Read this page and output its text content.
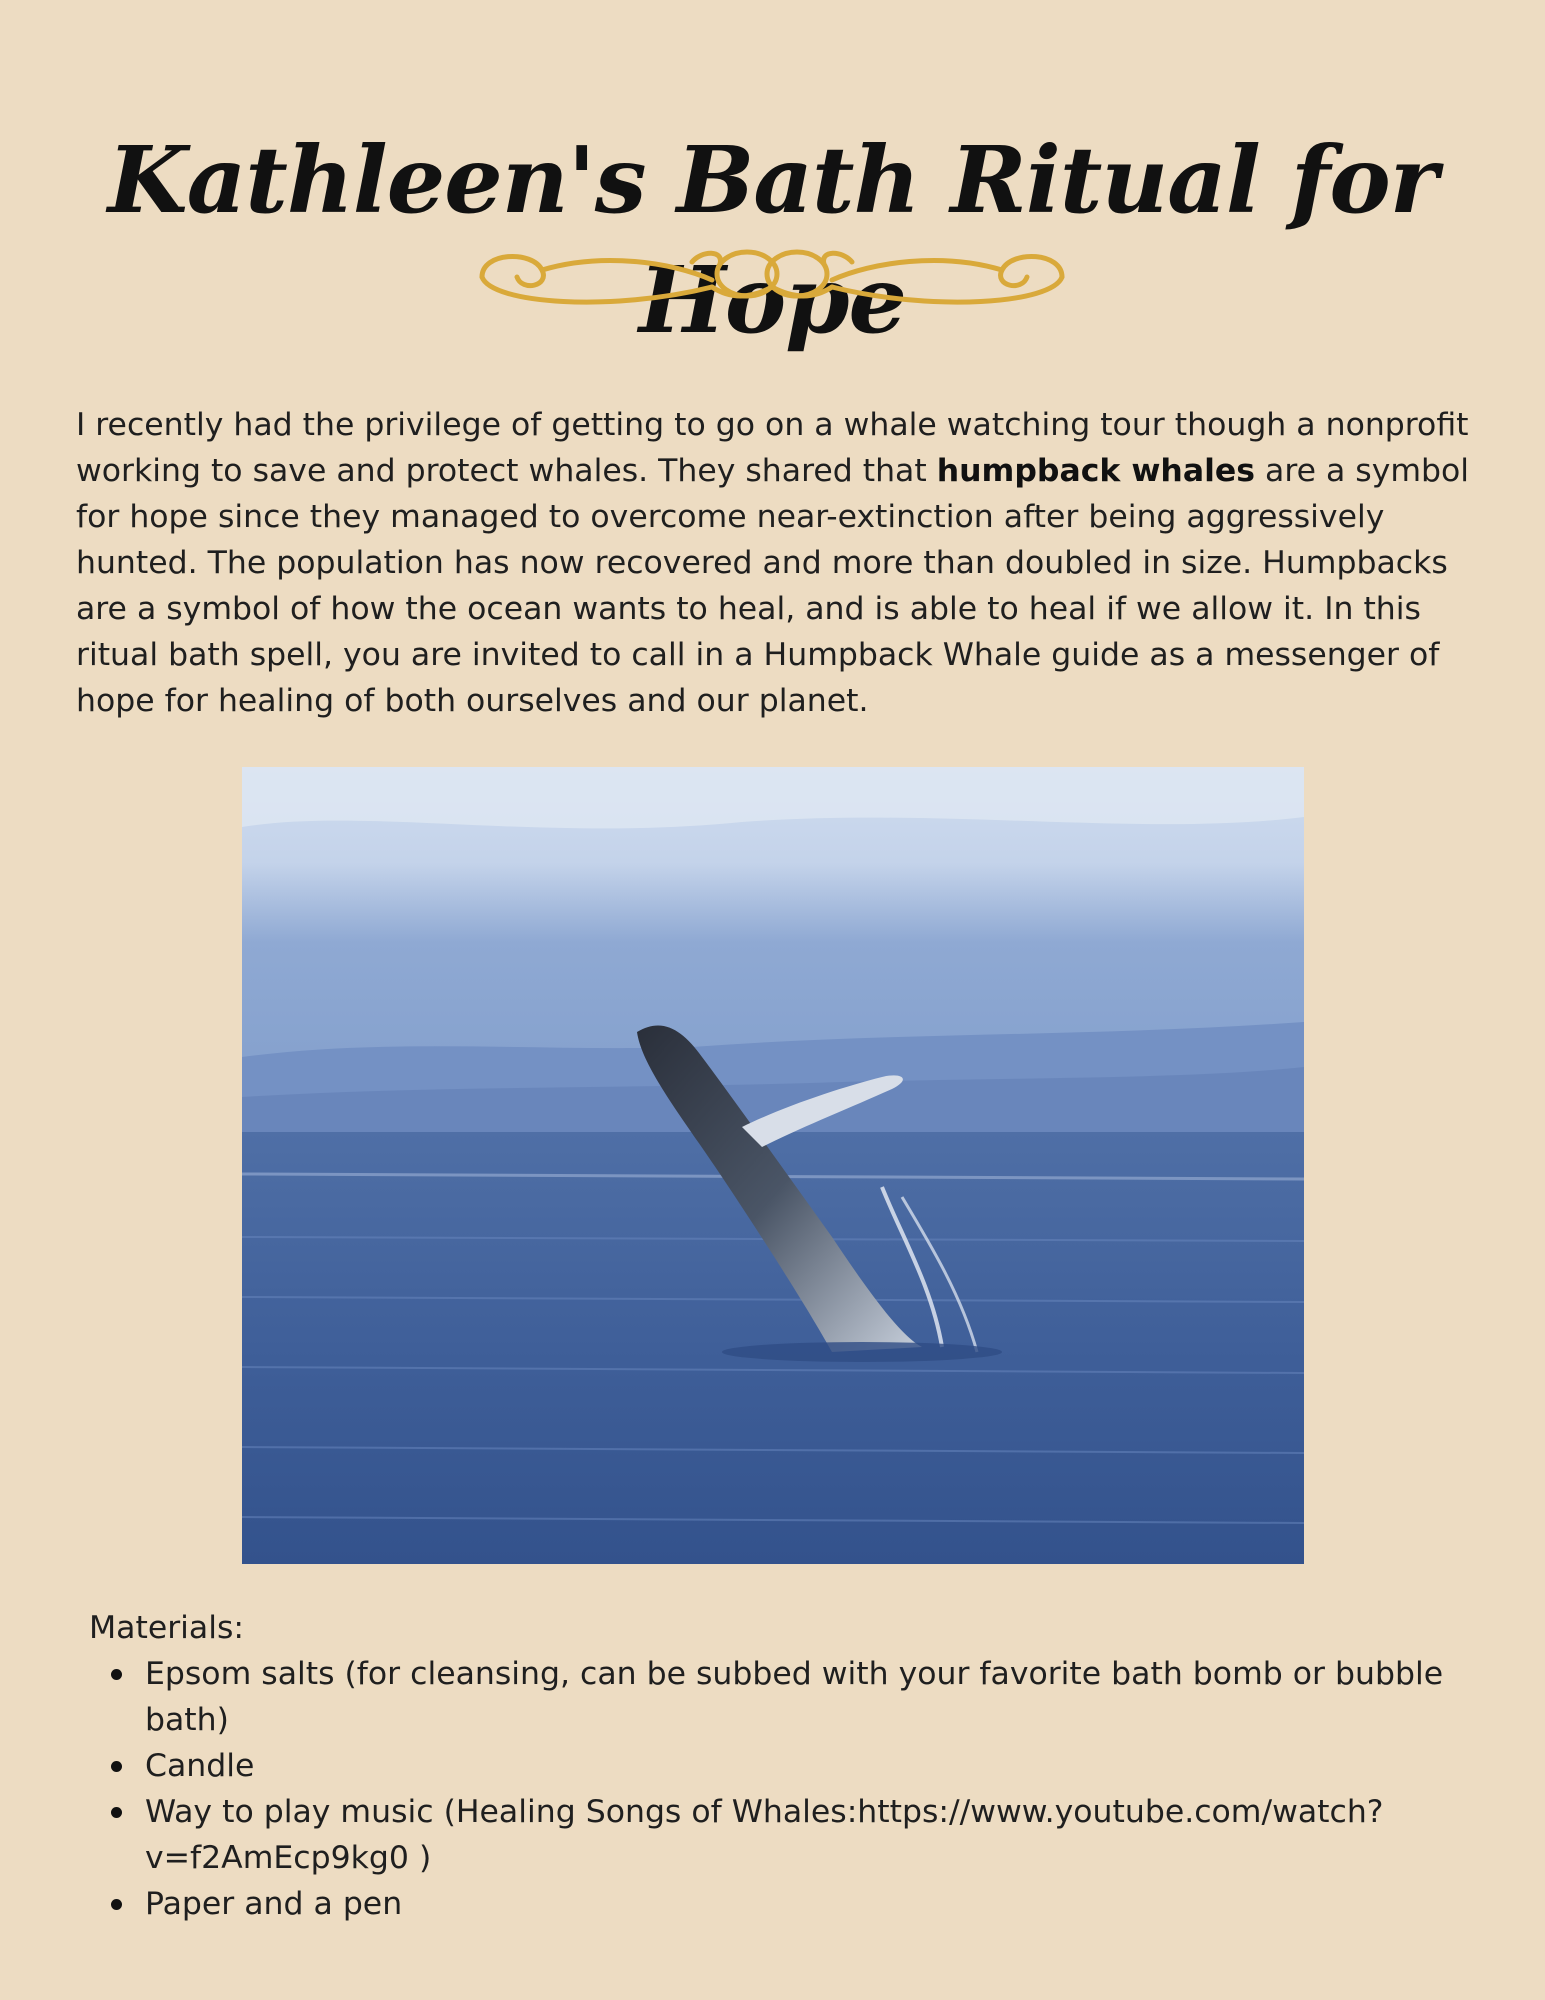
Kathleen's Bath Ritual for Hope

I recently had the privilege of getting to go on a whale watching tour though a nonprofit working to save and protect whales. They shared that humpback whales are a symbol for hope since they managed to overcome near-extinction after being aggressively hunted. The population has now recovered and more than doubled in size. Humpbacks are a symbol of how the ocean wants to heal, and is able to heal if we allow it. In this ritual bath spell, you are invited to call in a Humpback Whale guide as a messenger of hope for healing of both ourselves and our planet.

Materials:
Epsom salts (for cleansing, can be subbed with your favorite bath bomb or bubble bath)
Candle
Way to play music (Healing Songs of Whales:https://www.youtube.com/watch?v=f2AmEcp9kg0 )
Paper and a pen
